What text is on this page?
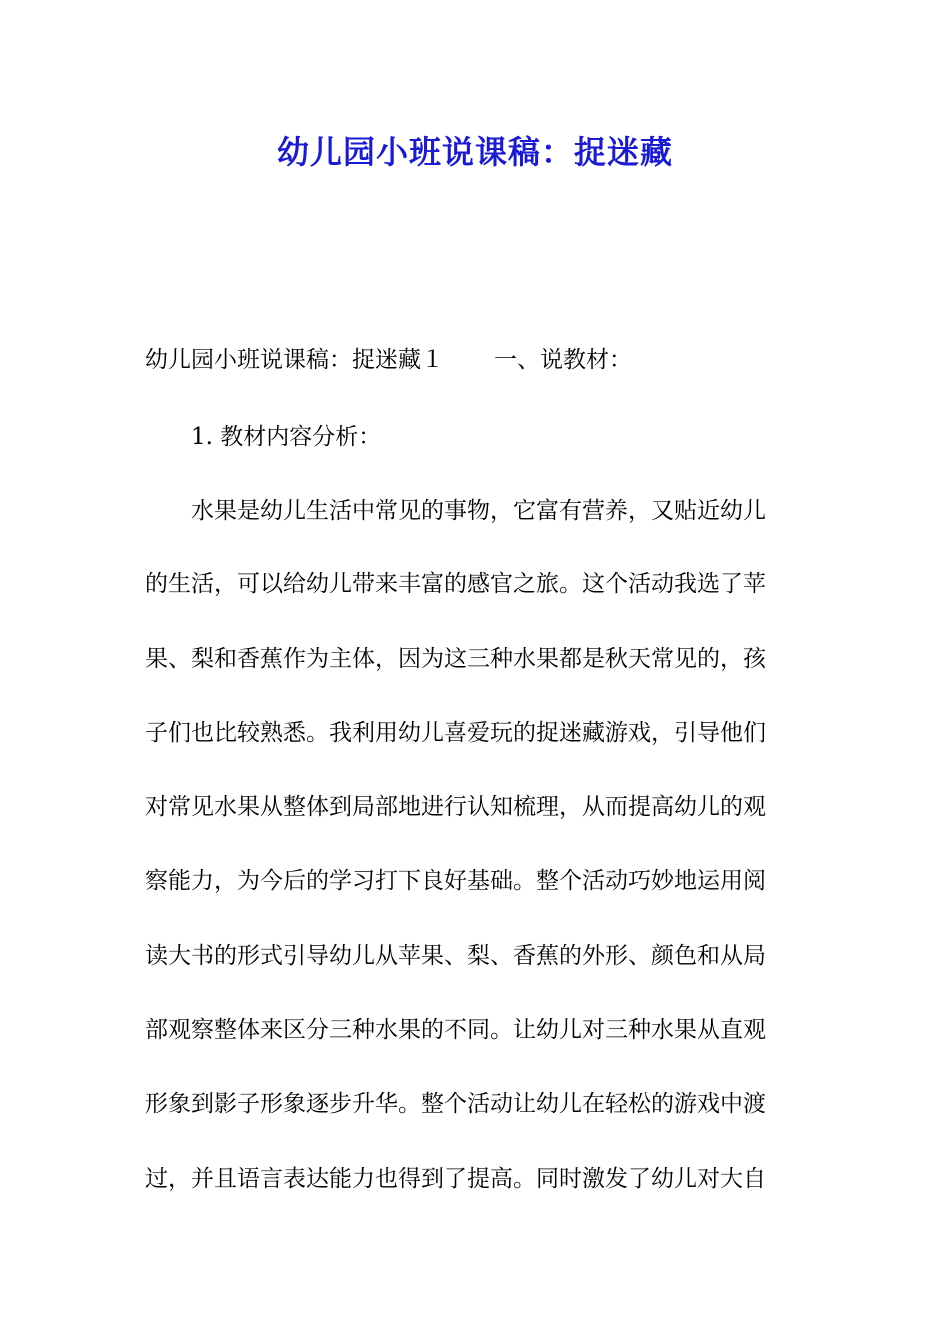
幼儿园小班说课稿：捉迷藏

幼儿园小班说课稿：捉迷藏１ 一、说教材：

1. 教材内容分析：

水果是幼儿生活中常见的事物，它富有营养，又贴近幼儿

的生活，可以给幼儿带来丰富的感官之旅。这个活动我选了苹

果、梨和香蕉作为主体，因为这三种水果都是秋天常见的，孩

子们也比较熟悉。我利用幼儿喜爱玩的捉迷藏游戏，引导他们

对常见水果从整体到局部地进行认知梳理，从而提高幼儿的观

察能力，为今后的学习打下良好基础。整个活动巧妙地运用阅

读大书的形式引导幼儿从苹果、梨、香蕉的外形、颜色和从局

部观察整体来区分三种水果的不同。让幼儿对三种水果从直观

形象到影子形象逐步升华。整个活动让幼儿在轻松的游戏中渡

过，并且语言表达能力也得到了提高。同时激发了幼儿对大自
